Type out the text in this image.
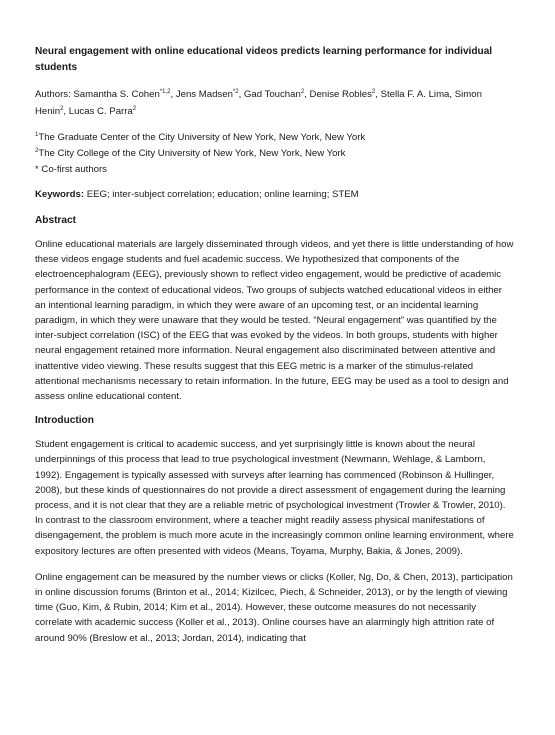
Neural engagement with online educational videos predicts learning performance for individual students
Authors: Samantha S. Cohen$^{*1,2}$, Jens Madsen$^{*2}$, Gad Touchan$^2$, Denise Robles$^2$, Stella F. A. Lima, Simon Henin$^2$, Lucas C. Parra$^2$
$^1$The Graduate Center of the City University of New York, New York, New York
$^2$The City College of the City University of New York, New York, New York
* Co-first authors
Keywords: EEG; inter-subject correlation; education; online learning; STEM
Abstract

Online educational materials are largely disseminated through videos, and yet there is little understanding of how these videos engage students and fuel academic success. We hypothesized that components of the electroencephalogram (EEG), previously shown to reflect video engagement, would be predictive of academic performance in the context of educational videos. Two groups of subjects watched educational videos in either an intentional learning paradigm, in which they were aware of an upcoming test, or an incidental learning paradigm, in which they were unaware that they would be tested. “Neural engagement” was quantified by the inter-subject correlation (ISC) of the EEG that was evoked by the videos. In both groups, students with higher neural engagement retained more information. Neural engagement also discriminated between attentive and inattentive video viewing. These results suggest that this EEG metric is a marker of the stimulus-related attentional mechanisms necessary to retain information. In the future, EEG may be used as a tool to design and assess online educational content.

Introduction

Student engagement is critical to academic success, and yet surprisingly little is known about the neural underpinnings of this process that lead to true psychological investment (Newmann, Wehlage, & Lamborn, 1992). Engagement is typically assessed with surveys after learning has commenced (Robinson & Hullinger, 2008), but these kinds of questionnaires do not provide a direct assessment of engagement during the learning process, and it is not clear that they are a reliable metric of psychological investment (Trowler & Trowler, 2010). In contrast to the classroom environment, where a teacher might readily assess physical manifestations of disengagement, the problem is much more acute in the increasingly common online learning environment, where expository lectures are often presented with videos (Means, Toyama, Murphy, Bakia, & Jones, 2009).

Online engagement can be measured by the number views or clicks (Koller, Ng, Do, & Chen, 2013), participation in online discussion forums (Brinton et al., 2014; Kizilcec, Piech, & Schneider, 2013), or by the length of viewing time (Guo, Kim, & Rubin, 2014; Kim et al., 2014). However, these outcome measures do not necessarily correlate with academic success (Koller et al., 2013). Online courses have an alarmingly high attrition rate of around 90% (Breslow et al., 2013; Jordan, 2014), indicating that
